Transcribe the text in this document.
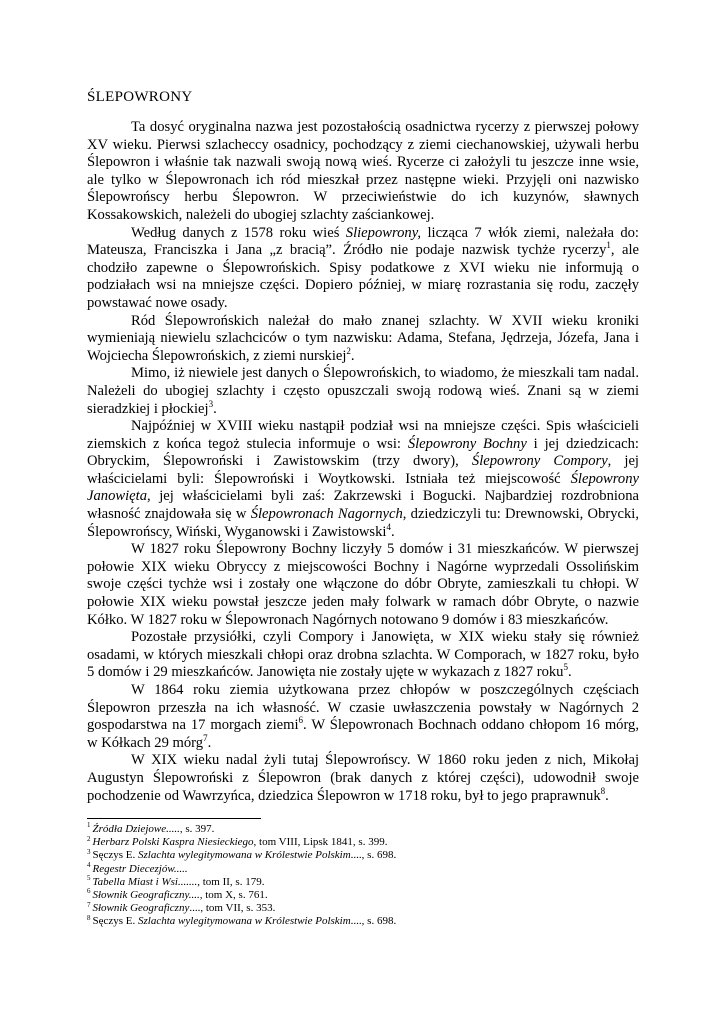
ŚLEPOWRONY

Ta dosyć oryginalna nazwa jest pozostałością osadnictwa rycerzy z pierwszej połowy XV wieku. Pierwsi szlacheccy osadnicy, pochodzący z ziemi ciechanowskiej, używali herbu Ślepowron i właśnie tak nazwali swoją nową wieś. Rycerze ci założyli tu jeszcze inne wsie, ale tylko w Ślepowronach ich ród mieszkał przez następne wieki. Przyjęli oni nazwisko Ślepowrońscy herbu Ślepowron. W przeciwieństwie do ich kuzynów, sławnych Kossakowskich, należeli do ubogiej szlachty zaściankowej.

Według danych z 1578 roku wieś Sliepowrony, licząca 7 włók ziemi, należała do: Mateusza, Franciszka i Jana „z bracią”. Źródło nie podaje nazwisk tychże rycerzy$^1$, ale chodziło zapewne o Ślepowrońskich. Spisy podatkowe z XVI wieku nie informują o podziałach wsi na mniejsze części. Dopiero później, w miarę rozrastania się rodu, zaczęły powstawać nowe osady.

Ród Ślepowrońskich należał do mało znanej szlachty. W XVII wieku kroniki wymieniają niewielu szlachciców o tym nazwisku: Adama, Stefana, Jędrzeja, Józefa, Jana i Wojciecha Ślepowrońskich, z ziemi nurskiej$^2$.

Mimo, iż niewiele jest danych o Ślepowrońskich, to wiadomo, że mieszkali tam nadal. Należeli do ubogiej szlachty i często opuszczali swoją rodową wieś. Znani są w ziemi sieradzkiej i płockiej$^3$.

Najpóźniej w XVIII wieku nastąpił podział wsi na mniejsze części. Spis właścicieli ziemskich z końca tegoż stulecia informuje o wsi: Ślepowrony Bochny i jej dziedzicach: Obryckim, Ślepowroński i Zawistowskim (trzy dwory), Ślepowrony Compory, jej właścicielami byli: Ślepowroński i Woytkowski. Istniała też miejscowość Ślepowrony Janowięta, jej właścicielami byli zaś: Zakrzewski i Bogucki. Najbardziej rozdrobniona własność znajdowała się w Ślepowronach Nagornych, dziedziczyli tu: Drewnowski, Obrycki, Ślepowrońscy, Wiński, Wyganowski i Zawistowski$^4$.

W 1827 roku Ślepowrony Bochny liczyły 5 domów i 31 mieszkańców. W pierwszej połowie XIX wieku Obryccy z miejscowości Bochny i Nagórne wyprzedali Ossolińskim swoje części tychże wsi i zostały one włączone do dóbr Obryte, zamieszkali tu chłopi. W połowie XIX wieku powstał jeszcze jeden mały folwark w ramach dóbr Obryte, o nazwie Kółko. W 1827 roku w Ślepowronach Nagórnych notowano 9 domów i 83 mieszkańców.

Pozostałe przysiółki, czyli Compory i Janowięta, w XIX wieku stały się również osadami, w których mieszkali chłopi oraz drobna szlachta. W Comporach, w 1827 roku, było 5 domów i 29 mieszkańców. Janowięta nie zostały ujęte w wykazach z 1827 roku$^5$.

W 1864 roku ziemia użytkowana przez chłopów w poszczególnych częściach Ślepowron przeszła na ich własność. W czasie uwłaszczenia powstały w Nagórnych 2 gospodarstwa na 17 morgach ziemi$^6$. W Ślepowronach Bochnach oddano chłopom 16 mórg, w Kółkach 29 mórg$^7$.

W XIX wieku nadal żyli tutaj Ślepowrońscy. W 1860 roku jeden z nich, Mikołaj Augustyn Ślepowroński z Ślepowron (brak danych z której części), udowodnił swoje pochodzenie od Wawrzyńca, dziedzica Ślepowron w 1718 roku, był to jego praprawnuk$^8$.

$^1$ Źródła Dziejowe....., s. 397.
$^2$ Herbarz Polski Kaspra Niesieckiego, tom VIII, Lipsk 1841, s. 399.
$^3$ Sęczys E. Szlachta wylegitymowana w Królestwie Polskim...., s. 698.
$^4$ Regestr Diecezjów.....
$^5$ Tabella Miast i Wsi......., tom II, s. 179.
$^6$ Słownik Geograficzny...., tom X, s. 761.
$^7$ Słownik Geograficzny...., tom VII, s. 353.
$^8$ Sęczys E. Szlachta wylegitymowana w Królestwie Polskim...., s. 698.
